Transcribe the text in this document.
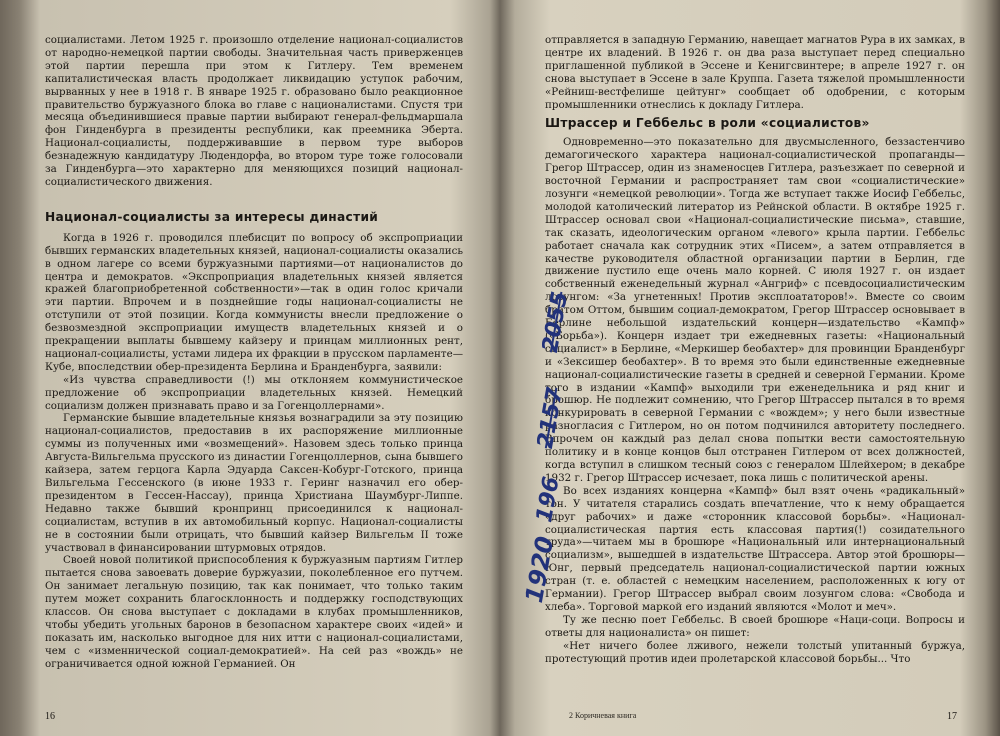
социалистами. Летом 1925 г. произошло отделение национал-социалистов от народно-немецкой партии свободы. Значительная часть приверженцев этой партии перешла при этом к Гитлеру. Тем временем капиталистическая власть продолжает ликвидацию уступок рабочим, вырванных у нее в 1918 г. В январе 1925 г. образовано было реакционное правительство буржуазного блока во главе с националистами. Спустя три месяца объединившиеся правые партии выбирают генерал-фельдмаршала фон Гинденбурга в президенты республики, как преемника Эберта. Национал-социалисты, поддерживавшие в первом туре выборов безнадежную кандидатуру Людендорфа, во втором туре тоже голосовали за Гинденбурга—это характерно для меняющихся позиций национал-социалистического движения.

Национал-социалисты за интересы династий

Когда в 1926 г. проводился плебисцит по вопросу об экспроприации бывших германских владетельных князей, национал-социалисты оказались в одном лагере со всеми буржуазными партиями—от националистов до центра и демократов. «Экспроприация владетельных князей является кражей благоприобретенной собственности»—так в один голос кричали эти партии. Впрочем и в позднейшие годы национал-социалисты не отступили от этой позиции. Когда коммунисты внесли предложение о безвозмездной экспроприации имуществ владетельных князей и о прекращении выплаты бывшему кайзеру и принцам миллионных рент, национал-социалисты, устами лидера их фракции в прусском парламенте—Кубе, впоследствии обер-президента Берлина и Бранденбурга, заявили:

«Из чувства справедливости (!) мы отклоняем коммунистическое предложение об экспроприации владетельных князей. Немецкий социализм должен признавать право и за Гогенцоллернами».

Германские бывшие владетельные князья вознаградили за эту позицию национал-социалистов, предоставив в их распоряжение миллионные суммы из полученных ими «возмещений». Назовем здесь только принца Августа-Вильгельма прусского из династии Гогенцоллернов, сына бывшего кайзера, затем герцога Карла Эдуарда Саксен-Кобург-Готского, принца Вильгельма Гессенского (в июне 1933 г. Геринг назначил его обер-президентом в Гессен-Нассау), принца Христиана Шаумбург-Липпе. Недавно также бывший кронпринц присоединился к национал-социалистам, вступив в их автомобильный корпус. Национал-социалисты не в состоянии были отрицать, что бывший кайзер Вильгельм II тоже участвовал в финансировании штурмовых отрядов.

Своей новой политикой приспособления к буржуазным партиям Гитлер пытается снова завоевать доверие буржуазии, поколебленное его путчем. Он занимает легальную позицию, так как понимает, что только таким путем может сохранить благосклонность и поддержку господствующих классов. Он снова выступает с докладами в клубах промышленников, чтобы убедить угольных баронов в безопасном характере своих «идей» и показать им, насколько выгодное для них итти с национал-социалистами, чем с «изменнической социал-демократией». На сей раз «вождь» не ограничивается одной южной Германией. Он

16

отправляется в западную Германию, навещает магнатов Рура в их замках, в центре их владений. В 1926 г. он два раза выступает перед специально приглашенной публикой в Эссене и Кенигсвинтере; в апреле 1927 г. он снова выступает в Эссене в зале Круппа. Газета тяжелой промышленности «Рейниш-вестфелише цейтунг» сообщает об одобрении, с которым промышленники отнеслись к докладу Гитлера.

Штрассер и Геббельс в роли «социалистов»

Одновременно—это показательно для двусмысленного, беззастенчиво демагогического характера национал-социалистической пропаганды—Грегор Штрассер, один из знаменосцев Гитлера, разъезжает по северной и восточной Германии и распространяет там свои «социалистические» лозунги «немецкой революции». Тогда же вступает также Иосиф Геббельс, молодой католический литератор из Рейнской области. В октябре 1925 г. Штрассер основал свои «Национал-социалистические письма», ставшие, так сказать, идеологическим органом «левого» крыла партии. Геббельс работает сначала как сотрудник этих «Писем», а затем отправляется в качестве руководителя областной организации партии в Берлин, где движение пустило еще очень мало корней. С июля 1927 г. он издает собственный еженедельный журнал «Ангриф» с псевдосоциалистическим лозунгом: «За угнетенных! Против эксплоататоров!». Вместе со своим братом Оттом, бывшим социал-демократом, Грегор Штрассер основывает в Берлине небольшой издательский концерн—издательство «Кампф» («Борьба»). Концерн издает три ежедневных газеты: «Национальный социалист» в Берлине, «Меркишер беобахтер» для провинции Бранденбург и «Зексишер беобахтер». В то время это были единственные ежедневные национал-социалистические газеты в средней и северной Германии. Кроме того в издании «Кампф» выходили три еженедельника и ряд книг и брошюр. Не подлежит сомнению, что Грегор Штрассер пытался в то время конкурировать в северной Германии с «вождем»; у него были известные разногласия с Гитлером, но он потом подчинился авторитету последнего. Впрочем он каждый раз делал снова попытки вести самостоятельную политику и в конце концов был отстранен Гитлером от всех должностей, когда вступил в слишком тесный союз с генералом Шлейхером; в декабре 1932 г. Грегор Штрассер исчезает, пока лишь с политической арены.

Во всех изданиях концерна «Кампф» был взят очень «радикальный» тон. У читателя старались создать впечатление, что к нему обращается «друг рабочих» и даже «сторонник классовой борьбы». «Национал-социалистическая партия есть классовая партия(!) созидательного труда»—читаем мы в брошюре «Национальный или интернациональный социализм», вышедшей в издательстве Штрассера. Автор этой брошюры—Юнг, первый председатель национал-социалистической партии южных стран (т. е. областей с немецким населением, расположенных к югу от Германии). Грегор Штрассер выбрал своим лозунгом слова: «Свобода и хлеба». Торговой маркой его изданий являются «Молот и меч».

Ту же песню поет Геббельс. В своей брошюре «Наци-соци. Вопросы и ответы для националиста» он пишет:

«Нет ничего более лживого, нежели толстый упитанный буржуа, протестующий против идеи пролетарской классовой борьбы... Что
2 Коричневая книга	17
1920
196
2157
2055
